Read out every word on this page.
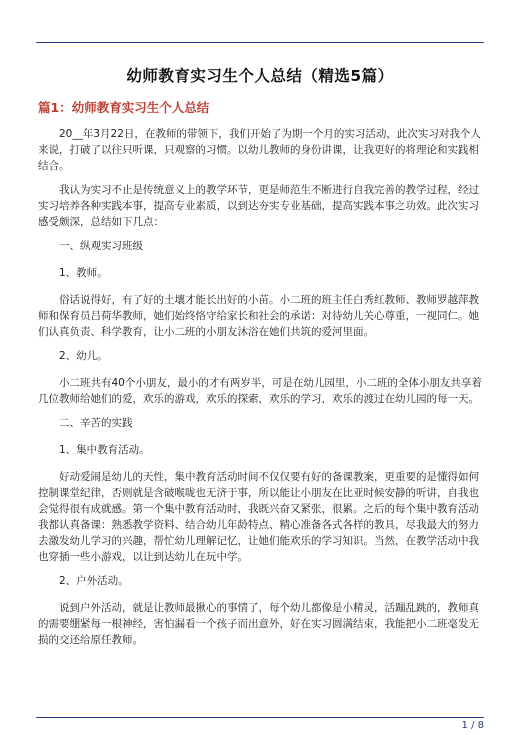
幼师教育实习生个人总结（精选5篇）
篇1：幼师教育实习生个人总结

20__年3月22日，在教师的带领下，我们开始了为期一个月的实习活动，此次实习对我个人来说，打破了以往只听课，只观察的习惯。以幼儿教师的身份讲课，让我更好的将理论和实践相结合。

我认为实习不止是传统意义上的教学环节，更是师范生不断进行自我完善的教学过程，经过实习培养各种实践本事，提高专业素质，以到达夯实专业基础，提高实践本事之功效。此次实习感受颇深，总结如下几点：

一、纵观实习班级

1、教师。

俗话说得好，有了好的土壤才能长出好的小苗。小二班的班主任白秀红教师、教师罗越萍教师和保育员吕荷华教师，她们始终恪守给家长和社会的承诺：对待幼儿关心尊重，一视同仁。她们认真负责、科学教育，让小二班的小朋友沐浴在她们共筑的爱河里面。

2、幼儿。

小二班共有40个小朋友，最小的才有两岁半，可是在幼儿园里，小二班的全体小朋友共享着几位教师给她们的爱，欢乐的游戏，欢乐的探索，欢乐的学习，欢乐的渡过在幼儿园的每一天。

二、辛苦的实践

1、集中教育活动。

好动爱闹是幼儿的天性，集中教育活动时间不仅仅要有好的备课教案，更重要的是懂得如何控制课堂纪律，否则就是含破喉咙也无济于事，所以能让小朋友在比亚时候安静的听讲，自我也会觉得很有成就感。第一个集中教育活动时，我既兴奋又紧张，很累。之后的每个集中教育活动我都认真备课：熟悉教学资料、结合幼儿年龄特点、精心准备各式各样的教具，尽我最大的努力去激发幼儿学习的兴趣，帮忙幼儿理解记忆，让她们能欢乐的学习知识。当然，在教学活动中我也穿插一些小游戏，以让到达幼儿在玩中学。

2、户外活动。

说到户外活动，就是让教师最揪心的事情了，每个幼儿都像是小精灵，活蹦乱跳的，教师真的需要绷紧每一根神经，害怕漏看一个孩子而出意外，好在实习圆满结束，我能把小二班毫发无损的交还给原任教师。

1 / 8
